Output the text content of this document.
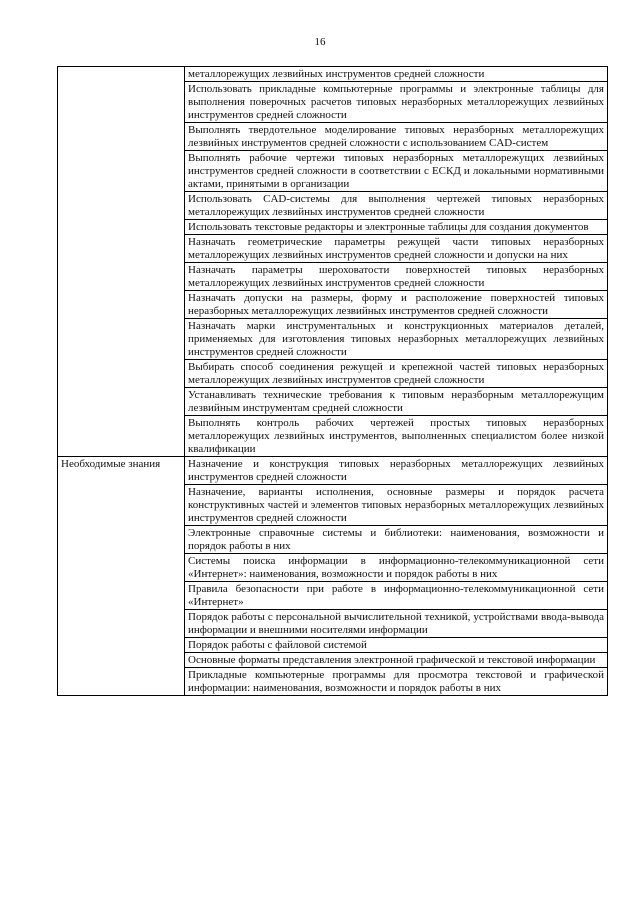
16
	металлорежущих лезвийных инструментов средней сложности
	Использовать прикладные компьютерные программы и электронные таблицы для выполнения поверочных расчетов типовых неразборных металлорежущих лезвийных инструментов средней сложности
	Выполнять твердотельное моделирование типовых неразборных металлорежущих лезвийных инструментов средней сложности с использованием CAD-систем
	Выполнять рабочие чертежи типовых неразборных металлорежущих лезвийных инструментов средней сложности в соответствии с ЕСКД и локальными нормативными актами, принятыми в организации
	Использовать CAD-системы для выполнения чертежей типовых неразборных металлорежущих лезвийных инструментов средней сложности
	Использовать текстовые редакторы и электронные таблицы для создания документов
	Назначать геометрические параметры режущей части типовых неразборных металлорежущих лезвийных инструментов средней сложности и допуски на них
	Назначать параметры шероховатости поверхностей типовых неразборных металлорежущих лезвийных инструментов средней сложности
	Назначать допуски на размеры, форму и расположение поверхностей типовых неразборных металлорежущих лезвийных инструментов средней сложности
	Назначать марки инструментальных и конструкционных материалов деталей, применяемых для изготовления типовых неразборных металлорежущих лезвийных инструментов средней сложности
	Выбирать способ соединения режущей и крепежной частей типовых неразборных металлорежущих лезвийных инструментов средней сложности
	Устанавливать технические требования к типовым неразборным металлорежущим лезвийным инструментам средней сложности
	Выполнять контроль рабочих чертежей простых типовых неразборных металлорежущих лезвийных инструментов, выполненных специалистом более низкой квалификации

Необходимые знания	Назначение и конструкция типовых неразборных металлорежущих лезвийных инструментов средней сложности
	Назначение, варианты исполнения, основные размеры и порядок расчета конструктивных частей и элементов типовых неразборных металлорежущих лезвийных инструментов средней сложности
	Электронные справочные системы и библиотеки: наименования, возможности и порядок работы в них
	Системы поиска информации в информационно-телекоммуникационной сети «Интернет»: наименования, возможности и порядок работы в них
	Правила безопасности при работе в информационно-телекоммуникационной сети «Интернет»
	Порядок работы с персональной вычислительной техникой, устройствами ввода-вывода информации и внешними носителями информации
	Порядок работы с файловой системой
	Основные форматы представления электронной графической и текстовой информации
	Прикладные компьютерные программы для просмотра текстовой и графической информации: наименования, возможности и порядок работы в них
